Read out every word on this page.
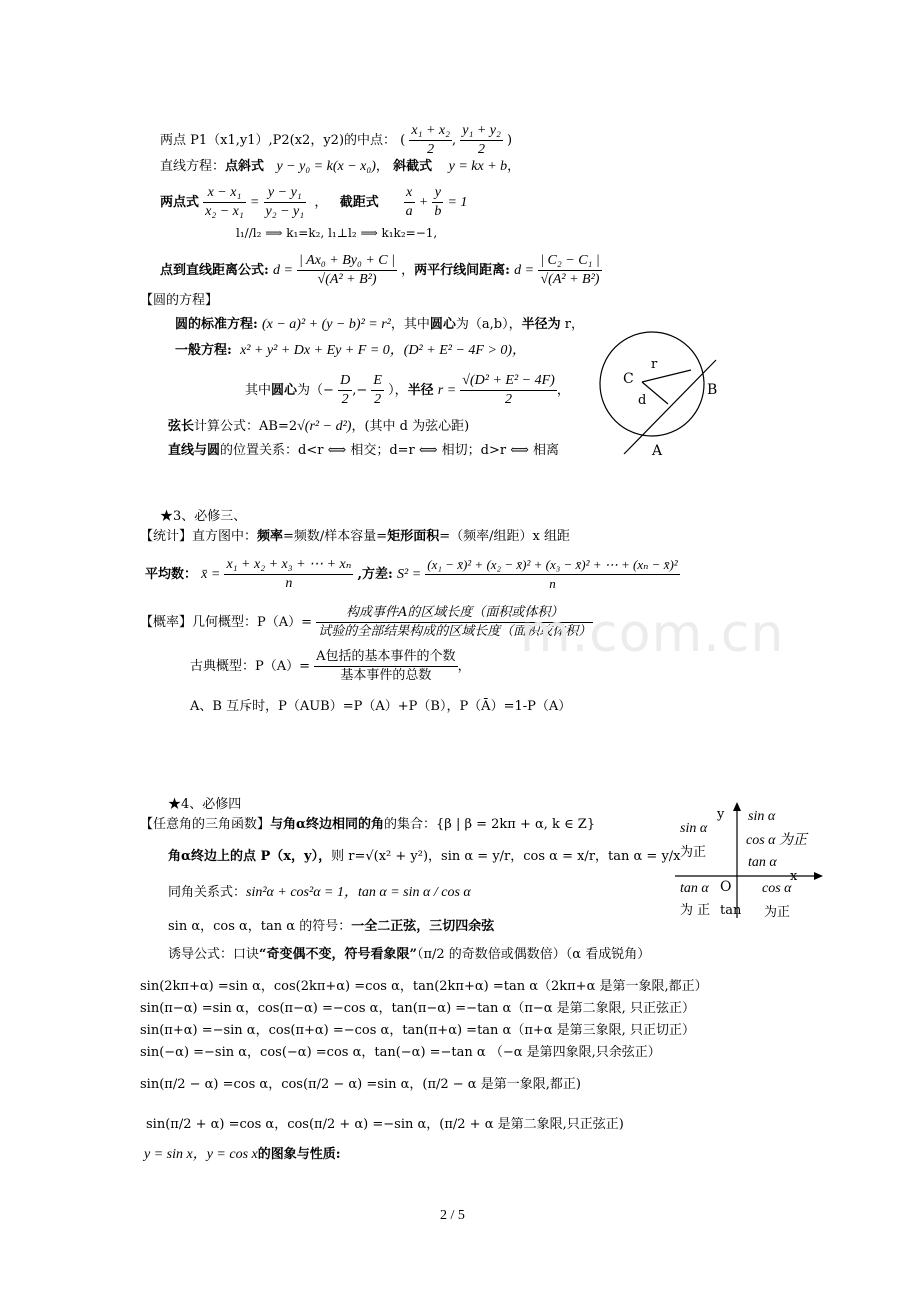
两点 P1（x1,y1）,P2(x2，y2)的中点： ( $\frac{\text{x₁ + x₂}}{2}$ , $\frac{\text{y₁ + y₂}}{2}$ )
直线方程：点斜式 y − y₀ = k(x − x₀)， 斜截式 y = kx + b，
两点式 $\frac{\text{x − x₁}}{\text{x₂ − x₁}} = \frac{\text{y − y₁}}{\text{y₂ − y₁}}$ ，   截距式 $\frac{x}{a} + \frac{y}{b} = 1$
l₁//l₂ ⟹ k₁=k₂, l₁⊥l₂ ⟹ k₁k₂=−1,
点到直线距离公式: $d = \frac{\text{| Ax₀ + By₀ + C |}}{\text{√(A² + B²)}}$ ，两平行线间距离: $d = \frac{\text{| C₂ − C₁ |}}{\text{√(A² + B²)}}$
【圆的方程】
圆的标准方程: (x − a)² + (y − b)² = r²，其中圆心为（a,b），半径为 r，
一般方程: x² + y² + Dx + Ey + F = 0，(D² + E² − 4F > 0)，
其中圆心为（− $\frac{D}{2}$ ,− $\frac{E}{2}$ ），半径 $r = \frac{\text{√(D² + E² − 4F)}}{2}$ ，
弦长计算公式：AB=2√(r² − d²)，(其中 d 为弦心距)
直线与圆的位置关系：d<r ⟺ 相交；d=r ⟺ 相切；d>r ⟺ 相离
C
r
d
B
A
★3、必修三、
【统计】直方图中：频率=频数/样本容量=矩形面积=（频率/组距）x 组距
平均数： x̄ = $\frac{\text{x₁ + x₂ + x₃ + ⋯ + xₙ}}{n}$ ,方差: $S^2 = \frac{\text{(x₁ − x̄)² + (x₂ − x̄)² + (x₃ − x̄)² + ⋯ + (xₙ − x̄)²}}{n}$
【概率】几何概型：$P(A)= \frac{\text{构成事件A的区域长度（面积或体积）}}{\text{试验的全部结果构成的区域长度（面积或体积）}}$
古典概型：$P(A)= \frac{\text{A包括的基本事件的个数}}{\text{基本事件的总数}}$ ，
A、B 互斥时，P（AUB）=P（A）+P（B），P（Ā）=1-P（A）
★4、必修四
【任意角的三角函数】与角α终边相同的角的集合：{β | β = 2kπ + α, k ∈ Z}
角α终边上的点 P（x，y），则 r=√(x² + y²)，sin α = y/r，cos α = x/r，tan α = y/x
同角关系式：sin²α + cos²α = 1，tan α = sin α / cos α
sin α，cos α，tan α 的符号：一全二正弦，三切四余弦
诱导公式：口诀“奇变偶不变，符号看象限”（π/2 的奇数倍或偶数倍）（α 看成锐角）
sin(2kπ+α) =sin α，cos(2kπ+α) =cos α，tan(2kπ+α) =tan α（2kπ+α 是第一象限,都正）
sin(π−α) =sin α，cos(π−α) =−cos α，tan(π−α) =−tan α（π−α 是第二象限, 只正弦正）
sin(π+α) =−sin α，cos(π+α) =−cos α，tan(π+α) =tan α（π+α 是第三象限, 只正切正）
sin(−α) =−sin α，cos(−α) =cos α，tan(−α) =−tan α （−α 是第四象限,只余弦正）
sin(π/2 − α) =cos α，cos(π/2 − α) =sin α，(π/2 − α 是第一象限,都正)
sin(π/2 + α) =cos α，cos(π/2 + α) =−sin α，(π/2 + α 是第二象限,只正弦正)
y = sin x，y = cos x的图象与性质:
y
x
O
sin α
cos α 为正
tan α
sin α
为正
tan α
为 正 tan
cos α
为正
m.com.cn
2 / 5
